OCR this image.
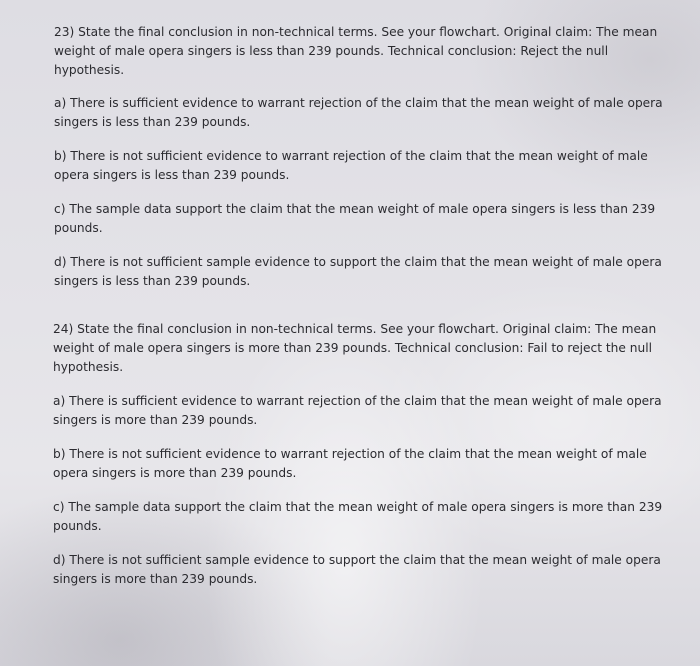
23) State the final conclusion in non-technical terms. See your flowchart. Original claim: The mean weight of male opera singers is less than 239 pounds. Technical conclusion: Reject the null hypothesis.

a) There is sufficient evidence to warrant rejection of the claim that the mean weight of male opera singers is less than 239 pounds.

b) There is not sufficient evidence to warrant rejection of the claim that the mean weight of male opera singers is less than 239 pounds.

c) The sample data support the claim that the mean weight of male opera singers is less than 239 pounds.

d) There is not sufficient sample evidence to support the claim that the mean weight of male opera singers is less than 239 pounds.

24) State the final conclusion in non-technical terms. See your flowchart. Original claim: The mean weight of male opera singers is more than 239 pounds. Technical conclusion: Fail to reject the null hypothesis.

a) There is sufficient evidence to warrant rejection of the claim that the mean weight of male opera singers is more than 239 pounds.

b) There is not sufficient evidence to warrant rejection of the claim that the mean weight of male opera singers is more than 239 pounds.

c) The sample data support the claim that the mean weight of male opera singers is more than 239 pounds.

d) There is not sufficient sample evidence to support the claim that the mean weight of male opera singers is more than 239 pounds.
